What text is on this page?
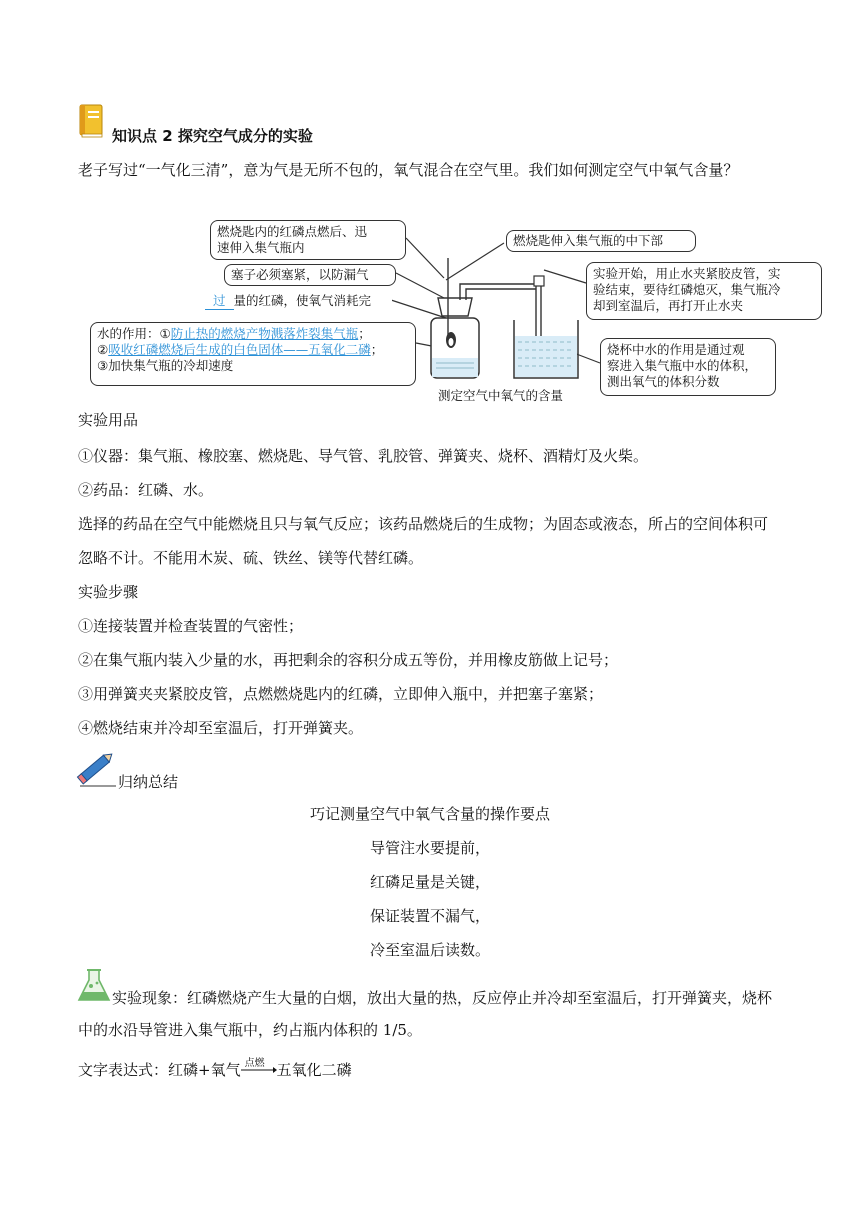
知识点 2 探究空气成分的实验
老子写过“一气化三清”，意为气是无所不包的，氧气混合在空气里。我们如何测定空气中氧气含量？
燃烧匙内的红磷点燃后、迅
速伸入集气瓶内
塞子必须塞紧，以防漏气
过 量的红磷，使氧气消耗完
水的作用：①防止热的燃烧产物溅落炸裂集气瓶；
②吸收红磷燃烧后生成的白色固体——五氧化二磷；
③加快集气瓶的冷却速度
燃烧匙伸入集气瓶的中下部
实验开始，用止水夹紧胶皮管，实
验结束，要待红磷熄灭，集气瓶冷
却到室温后，再打开止水夹
烧杯中水的作用是通过观
察进入集气瓶中水的体积，
测出氧气的体积分数
测定空气中氧气的含量
实验用品
①仪器：集气瓶、橡胶塞、燃烧匙、导气管、乳胶管、弹簧夹、烧杯、酒精灯及火柴。
②药品：红磷、水。
选择的药品在空气中能燃烧且只与氧气反应；该药品燃烧后的生成物；为固态或液态，所占的空间体积可
忽略不计。不能用木炭、硫、铁丝、镁等代替红磷。
实验步骤
①连接装置并检查装置的气密性；
②在集气瓶内装入少量的水，再把剩余的容积分成五等份，并用橡皮筋做上记号；
③用弹簧夹夹紧胶皮管，点燃燃烧匙内的红磷，立即伸入瓶中，并把塞子塞紧；
④燃烧结束并冷却至室温后，打开弹簧夹。
归纳总结
巧记测量空气中氧气含量的操作要点
导管注水要提前，
红磷足量是关键，
保证装置不漏气，
冷至室温后读数。
实验现象：红磷燃烧产生大量的白烟，放出大量的热，反应停止并冷却至室温后，打开弹簧夹，烧杯
中的水沿导管进入集气瓶中，约占瓶内体积的 1/5。
文字表达式：红磷+氧气 点燃 五氧化二磷
